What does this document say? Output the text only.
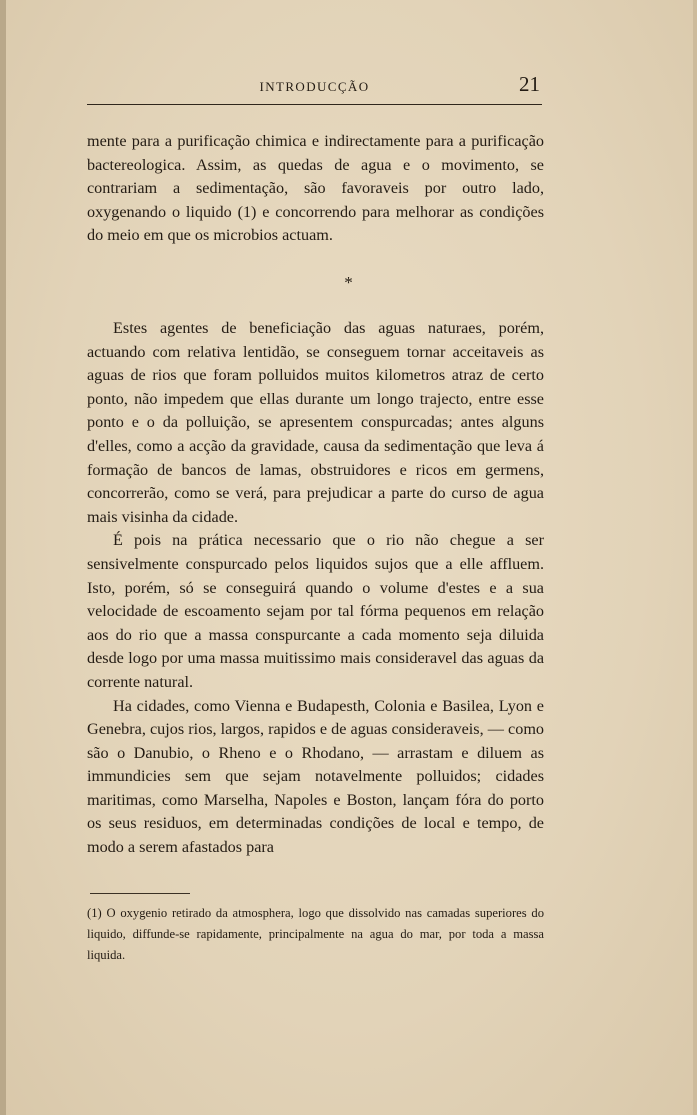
INTRODUCÇÃO	21

mente para a purificação chimica e indirectamente para a purificação bactereologica. Assim, as quedas de agua e o movimento, se contrariam a sedimentação, são favoraveis por outro lado, oxygenando o liquido (1) e concorrendo para melhorar as condições do meio em que os microbios actuam.

*

Estes agentes de beneficiação das aguas naturaes, porém, actuando com relativa lentidão, se conseguem tornar acceitaveis as aguas de rios que foram polluidos muitos kilometros atraz de certo ponto, não impedem que ellas durante um longo trajecto, entre esse ponto e o da polluição, se apresentem conspurcadas; antes alguns d'elles, como a acção da gravidade, causa da sedimentação que leva á formação de bancos de lamas, obstruidores e ricos em germens, concorrerão, como se verá, para prejudicar a parte do curso de agua mais visinha da cidade.

É pois na prática necessario que o rio não chegue a ser sensivelmente conspurcado pelos liquidos sujos que a elle affluem. Isto, porém, só se conseguirá quando o volume d'estes e a sua velocidade de escoamento sejam por tal fórma pequenos em relação aos do rio que a massa conspurcante a cada momento seja diluida desde logo por uma massa muitissimo mais consideravel das aguas da corrente natural.

Ha cidades, como Vienna e Budapesth, Colonia e Basilea, Lyon e Genebra, cujos rios, largos, rapidos e de aguas consideraveis, — como são o Danubio, o Rheno e o Rhodano, — arrastam e diluem as immundicies sem que sejam notavelmente polluidos; cidades maritimas, como Marselha, Napoles e Boston, lançam fóra do porto os seus residuos, em determinadas condições de local e tempo, de modo a serem afastados para

(1) O oxygenio retirado da atmosphera, logo que dissolvido nas camadas superiores do liquido, diffunde-se rapidamente, principalmente na agua do mar, por toda a massa liquida.
